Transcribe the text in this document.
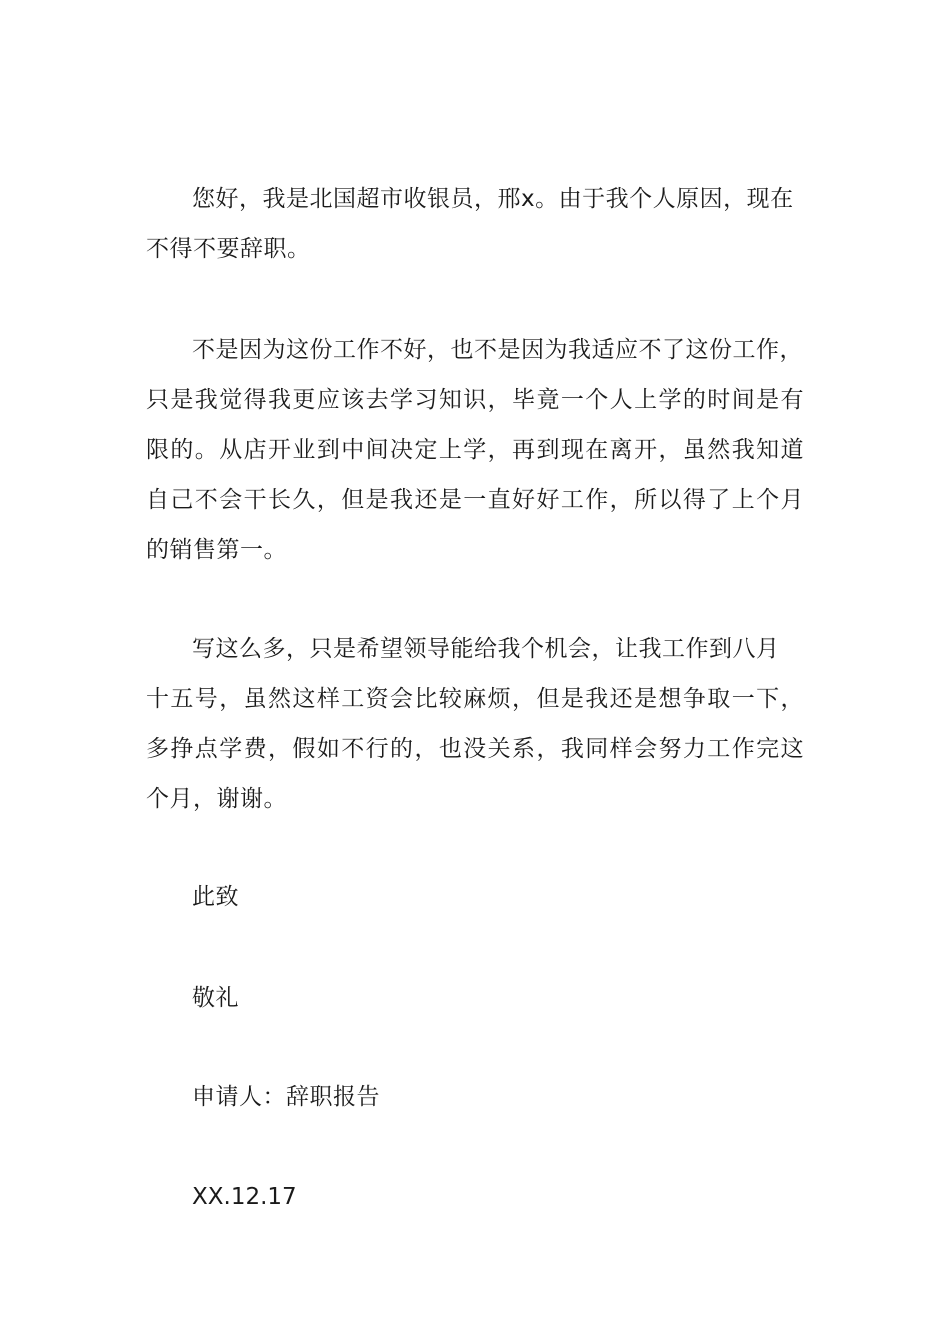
您好，我是北国超市收银员，邢x。由于我个人原因，现在
不得不要辞职。
不是因为这份工作不好，也不是因为我适应不了这份工作，
只是我觉得我更应该去学习知识，毕竟一个人上学的时间是有
限的。从店开业到中间决定上学，再到现在离开，虽然我知道
自己不会干长久，但是我还是一直好好工作，所以得了上个月
的销售第一。
写这么多，只是希望领导能给我个机会，让我工作到八月
十五号，虽然这样工资会比较麻烦，但是我还是想争取一下，
多挣点学费，假如不行的，也没关系，我同样会努力工作完这
个月，谢谢。
此致
敬礼
申请人：辞职报告
XX.12.17
